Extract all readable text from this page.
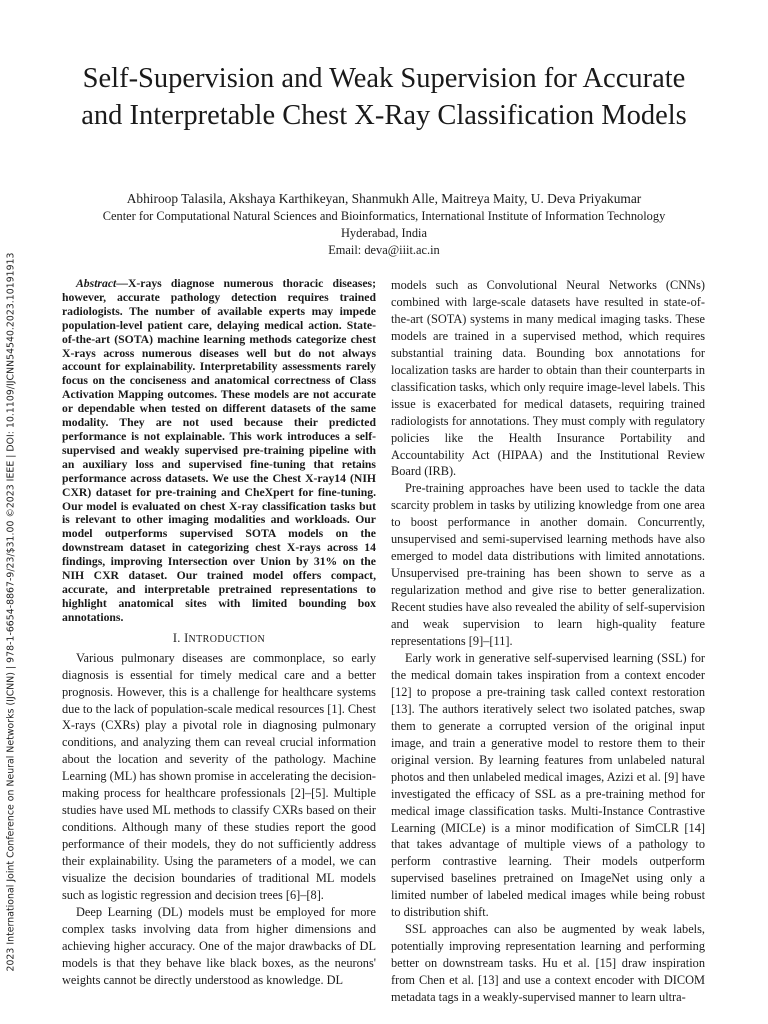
2023 International Joint Conference on Neural Networks (IJCNN) | 978-1-6654-8867-9/23/$31.00 ©2023 IEEE | DOI: 10.1109/IJCNN54540.2023.10191913
Self-Supervision and Weak Supervision for Accurate and Interpretable Chest X-Ray Classification Models
Abhiroop Talasila, Akshaya Karthikeyan, Shanmukh Alle, Maitreya Maity, U. Deva Priyakumar
Center for Computational Natural Sciences and Bioinformatics, International Institute of Information Technology
Hyderabad, India
Email: deva@iiit.ac.in

Abstract—X-rays diagnose numerous thoracic diseases; however, accurate pathology detection requires trained radiologists. The number of available experts may impede population-level patient care, delaying medical action. State-of-the-art (SOTA) machine learning methods categorize chest X-rays across numerous diseases well but do not always account for explainability. Interpretability assessments rarely focus on the conciseness and anatomical correctness of Class Activation Mapping outcomes. These models are not accurate or dependable when tested on different datasets of the same modality. They are not used because their predicted performance is not explainable. This work introduces a self-supervised and weakly supervised pre-training pipeline with an auxiliary loss and supervised fine-tuning that retains performance across datasets. We use the Chest X-ray14 (NIH CXR) dataset for pre-training and CheXpert for fine-tuning. Our model is evaluated on chest X-ray classification tasks but is relevant to other imaging modalities and workloads. Our model outperforms supervised SOTA models on the downstream dataset in categorizing chest X-rays across 14 findings, improving Intersection over Union by 31% on the NIH CXR dataset. Our trained model offers compact, accurate, and interpretable pretrained representations to highlight anatomical sites with limited bounding box annotations.

I. INTRODUCTION

Various pulmonary diseases are commonplace, so early diagnosis is essential for timely medical care and a better prognosis. However, this is a challenge for healthcare systems due to the lack of population-scale medical resources [1]. Chest X-rays (CXRs) play a pivotal role in diagnosing pulmonary conditions, and analyzing them can reveal crucial information about the location and severity of the pathology. Machine Learning (ML) has shown promise in accelerating the decision-making process for healthcare professionals [2]–[5]. Multiple studies have used ML methods to classify CXRs based on their conditions. Although many of these studies report the good performance of their models, they do not sufficiently address their explainability. Using the parameters of a model, we can visualize the decision boundaries of traditional ML models such as logistic regression and decision trees [6]–[8].

Deep Learning (DL) models must be employed for more complex tasks involving data from higher dimensions and achieving higher accuracy. One of the major drawbacks of DL models is that they behave like black boxes, as the neurons' weights cannot be directly understood as knowledge. DL

models such as Convolutional Neural Networks (CNNs) combined with large-scale datasets have resulted in state-of-the-art (SOTA) systems in many medical imaging tasks. These models are trained in a supervised method, which requires substantial training data. Bounding box annotations for localization tasks are harder to obtain than their counterparts in classification tasks, which only require image-level labels. This issue is exacerbated for medical datasets, requiring trained radiologists for annotations. They must comply with regulatory policies like the Health Insurance Portability and Accountability Act (HIPAA) and the Institutional Review Board (IRB).

Pre-training approaches have been used to tackle the data scarcity problem in tasks by utilizing knowledge from one area to boost performance in another domain. Concurrently, unsupervised and semi-supervised learning methods have also emerged to model data distributions with limited annotations. Unsupervised pre-training has been shown to serve as a regularization method and give rise to better generalization. Recent studies have also revealed the ability of self-supervision and weak supervision to learn high-quality feature representations [9]–[11].

Early work in generative self-supervised learning (SSL) for the medical domain takes inspiration from a context encoder [12] to propose a pre-training task called context restoration [13]. The authors iteratively select two isolated patches, swap them to generate a corrupted version of the original input image, and train a generative model to restore them to their original version. By learning features from unlabeled natural photos and then unlabeled medical images, Azizi et al. [9] have investigated the efficacy of SSL as a pre-training method for medical image classification tasks. Multi-Instance Contrastive Learning (MICLe) is a minor modification of SimCLR [14] that takes advantage of multiple views of a pathology to perform contrastive learning. Their models outperform supervised baselines pretrained on ImageNet using only a limited number of labeled medical images while being robust to distribution shift.

SSL approaches can also be augmented by weak labels, potentially improving representation learning and performing better on downstream tasks. Hu et al. [15] draw inspiration from Chen et al. [13] and use a context encoder with DICOM metadata tags in a weakly-supervised manner to learn ultra-
